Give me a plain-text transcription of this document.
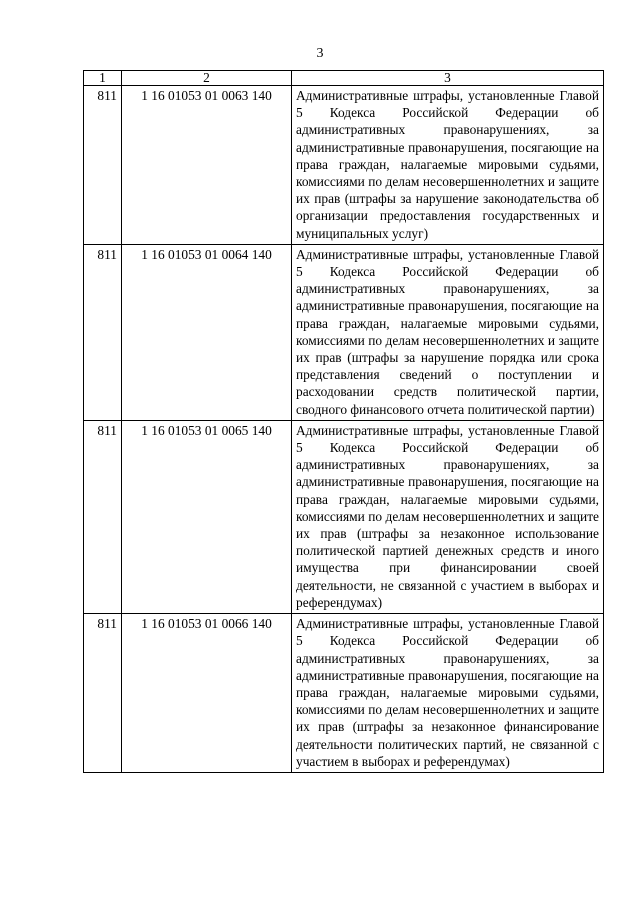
3
1	2	3
811	1 16 01053 01 0063 140	Административные штрафы, установленные Главой 5 Кодекса Российской Федерации об административных правонарушениях, за административные правонарушения, посягающие на права граждан, налагаемые мировыми судьями, комиссиями по делам несовершеннолетних и защите их прав (штрафы за нарушение законодательства об организации предоставления государственных и муниципальных услуг)
811	1 16 01053 01 0064 140	Административные штрафы, установленные Главой 5 Кодекса Российской Федерации об административных правонарушениях, за административные правонарушения, посягающие на права граждан, налагаемые мировыми судьями, комиссиями по делам несовершеннолетних и защите их прав (штрафы за нарушение порядка или срока представления сведений о поступлении и расходовании средств политической партии, сводного финансового отчета политической партии)
811	1 16 01053 01 0065 140	Административные штрафы, установленные Главой 5 Кодекса Российской Федерации об административных правонарушениях, за административные правонарушения, посягающие на права граждан, налагаемые мировыми судьями, комиссиями по делам несовершеннолетних и защите их прав (штрафы за незаконное использование политической партией денежных средств и иного имущества при финансировании своей деятельности, не связанной с участием в выборах и референдумах)
811	1 16 01053 01 0066 140	Административные штрафы, установленные Главой 5 Кодекса Российской Федерации об административных правонарушениях, за административные правонарушения, посягающие на права граждан, налагаемые мировыми судьями, комиссиями по делам несовершеннолетних и защите их прав (штрафы за незаконное финансирование деятельности политических партий, не связанной с участием в выборах и референдумах)
